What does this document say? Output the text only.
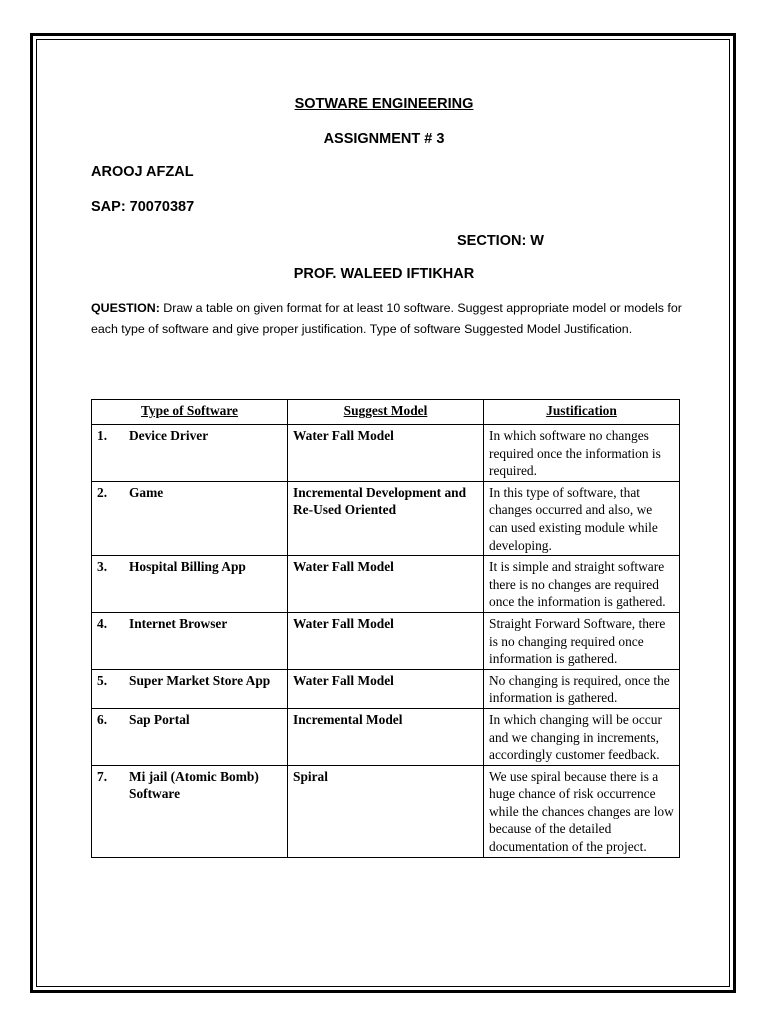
SOTWARE ENGINEERING
ASSIGNMENT # 3
AROOJ AFZAL
SAP: 70070387
SECTION: W
PROF. WALEED IFTIKHAR
QUESTION: Draw a table on given format for at least 10 software. Suggest appropriate model or models for each type of software and give proper justification. Type of software Suggested Model Justification.
Type of Software	Suggest Model	Justification

1. Device Driver	Water Fall Model	In which software no changes required once the information is required.

2. Game	Incremental Development and Re-Used Oriented	In this type of software, that changes occurred and also, we can used existing module while developing.

3. Hospital Billing App	Water Fall Model	It is simple and straight software there is no changes are required once the information is gathered.

4. Internet Browser	Water Fall Model	Straight Forward Software, there is no changing required once information is gathered.

5. Super Market Store App	Water Fall Model	No changing is required, once the information is gathered.

6. Sap Portal	Incremental Model	In which changing will be occur and we changing in increments, accordingly customer feedback.

7. Mi jail (Atomic Bomb) Software	Spiral	We use spiral because there is a huge chance of risk occurrence while the chances changes are low because of the detailed documentation of the project.
